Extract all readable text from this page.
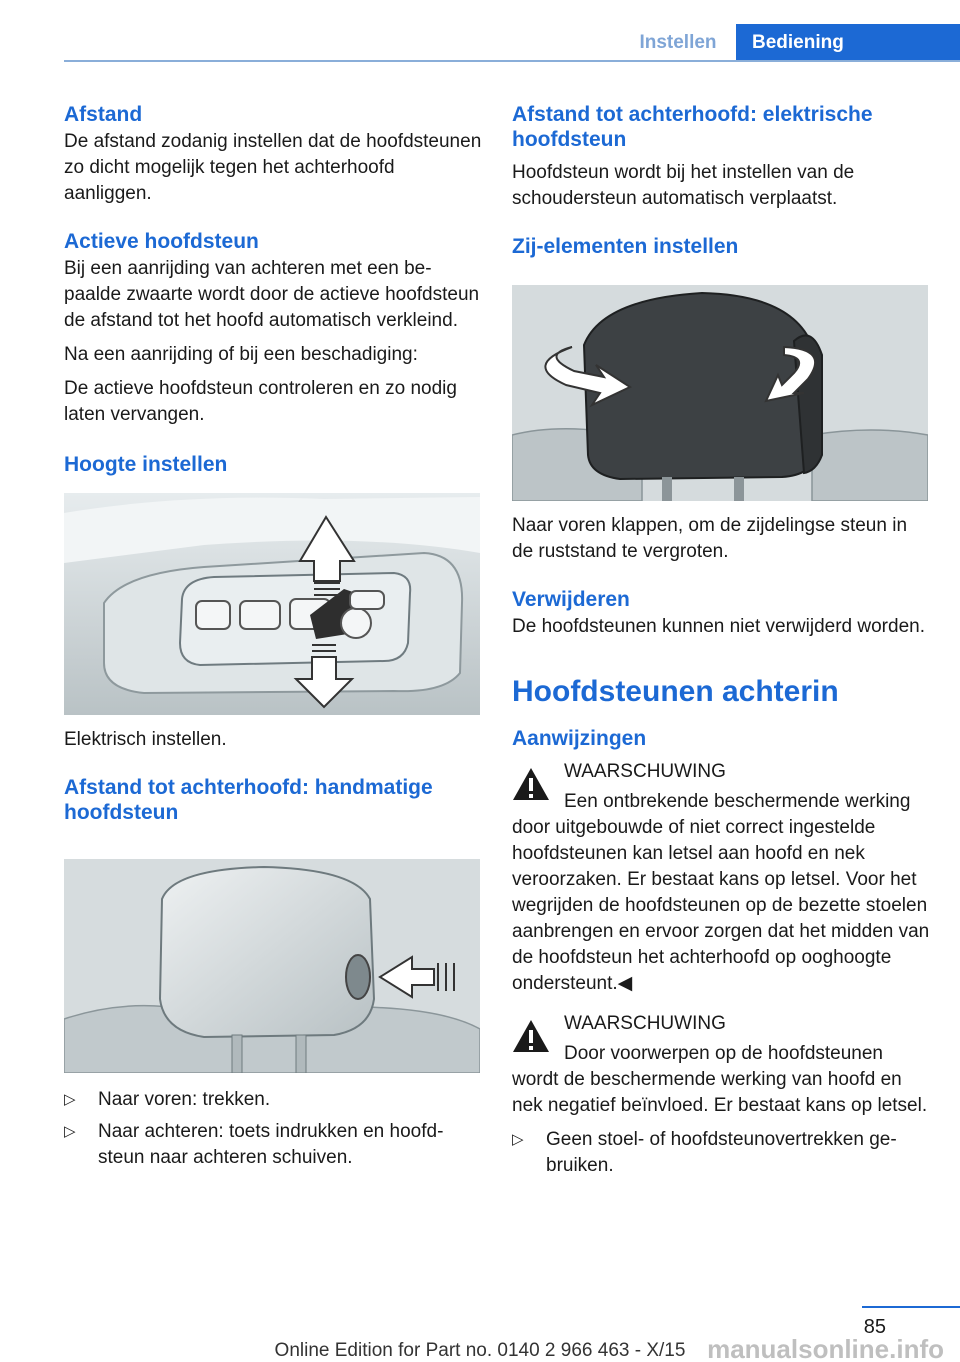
Instellen	Bediening
Afstand

De afstand zodanig instellen dat de hoofdsteunen zo dicht mogelijk tegen het achterhoofd aanliggen.

Actieve hoofdsteun

Bij een aanrijding van achteren met een bepaalde zwaarte wordt door de actieve hoofdsteun de afstand tot het hoofd automatisch verkleind.

Na een aanrijding of bij een beschadiging:

De actieve hoofdsteun controleren en zo nodig laten vervangen.

Hoogte instellen

Elektrisch instellen.

Afstand tot achterhoofd: handmatige hoofdsteun
▷ Naar voren: trekken.
▷ Naar achteren: toets indrukken en hoofdsteun naar achteren schuiven.
Afstand tot achterhoofd: elektrische hoofdsteun

Hoofdsteun wordt bij het instellen van de schoudersteun automatisch verplaatst.

Zij-elementen instellen

Naar voren klappen, om de zijdelingse steun in de ruststand te vergroten.

Verwijderen

De hoofdsteunen kunnen niet verwijderd worden.

Hoofdsteunen achterin
Aanwijzingen

WAARSCHUWING

Een ontbrekende beschermende werking door uitgebouwde of niet correct ingestelde hoofdsteunen kan letsel aan hoofd en nek veroorzaken. Er bestaat kans op letsel. Voor het wegrijden de hoofdsteunen op de bezette stoelen aanbrengen en ervoor zorgen dat het midden van de hoofdsteun het achterhoofd op ooghoogte ondersteunt.◀

WAARSCHUWING

Door voorwerpen op de hoofdsteunen wordt de beschermende werking van hoofd en nek negatief beïnvloed. Er bestaat kans op letsel.

▷ Geen stoel- of hoofdsteunovertrekken gebruiken.
85
Online Edition for Part no. 0140 2 966 463 - X/15 manualsonline.info
